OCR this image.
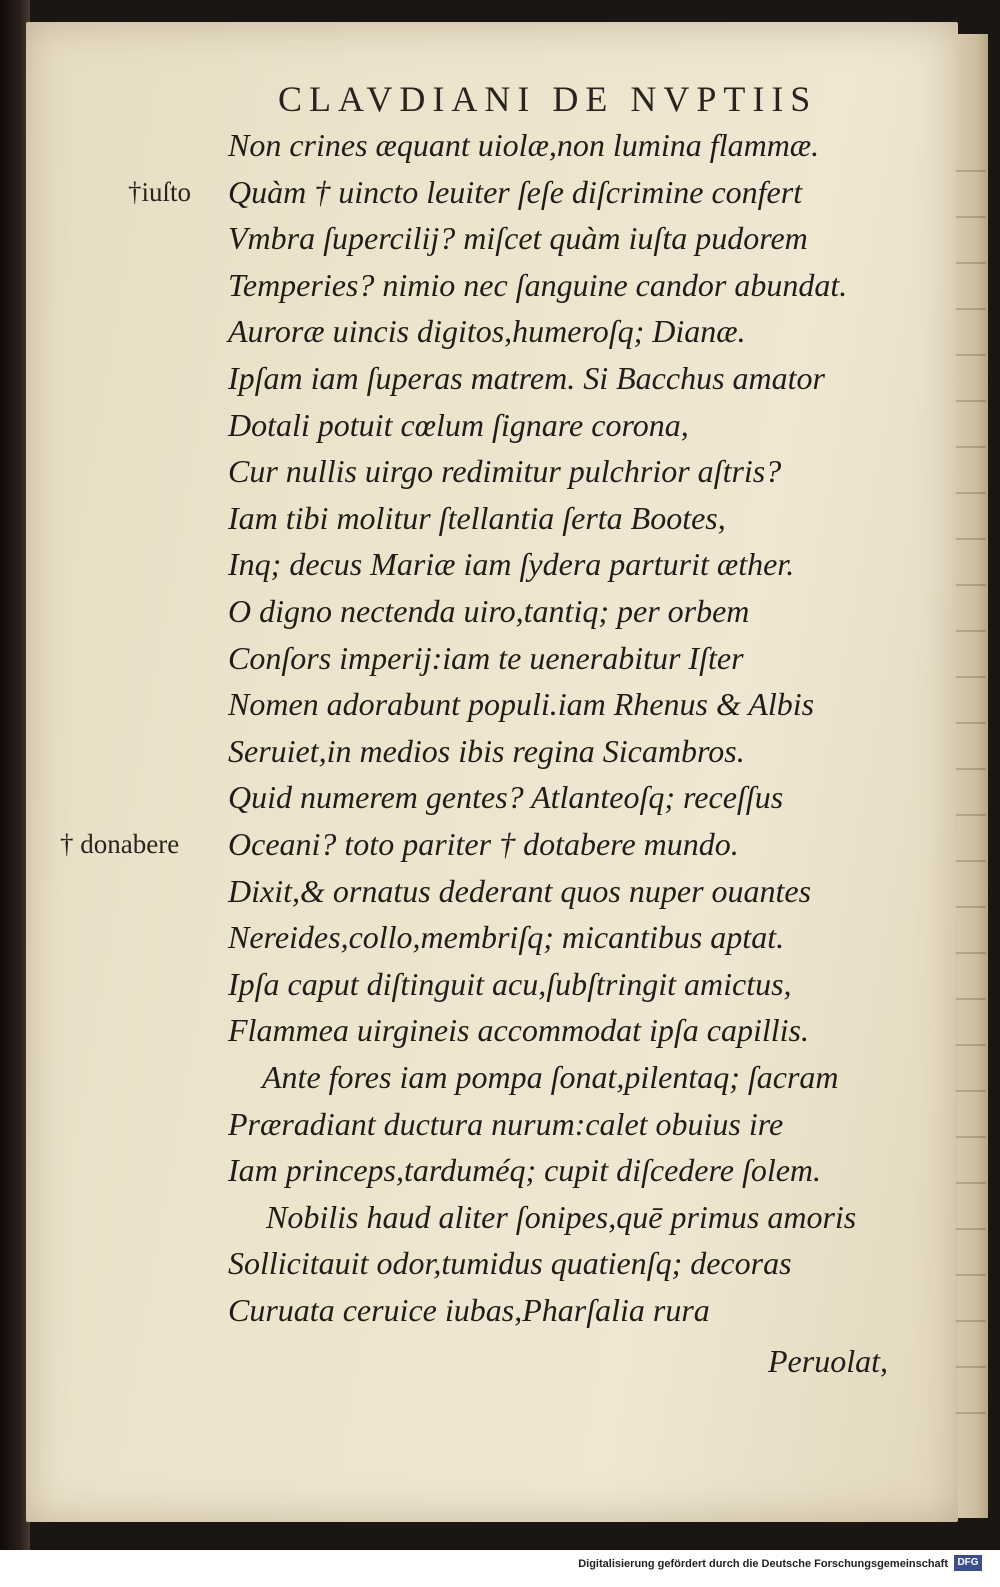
CLAVDIANI DE NVPTIIS
Non crines æquant uiolæ,non lumina flammæ.
Quàm † uincto leuiter ſeſe diſcrimine confert
†iuſto
Vmbra ſupercilij? miſcet quàm iuſta pudorem
Temperies? nimio nec ſanguine candor abundat.
Auroræ uincis digitos,humeroſq; Dianæ.
Ipſam iam ſuperas matrem. Si Bacchus amator
Dotali potuit cœlum ſignare corona,
Cur nullis uirgo redimitur pulchrior aſtris?
Iam tibi molitur ſtellantia ſerta Bootes,
Inq; decus Mariæ iam ſydera parturit æther.
O digno nectenda uiro,tantiq; per orbem
Conſors imperij:iam te uenerabitur Iſter
Nomen adorabunt populi.iam Rhenus & Albis
Seruiet,in medios ibis regina Sicambros.
Quid numerem gentes? Atlanteoſq; receſſus
Oceani? toto pariter † dotabere mundo.
† donabere
Dixit,& ornatus dederant quos nuper ouantes
Nereides,collo,membriſq; micantibus aptat.
Ipſa caput diſtinguit acu,ſubſtringit amictus,
Flammea uirgineis accommodat ipſa capillis.
Ante fores iam pompa ſonat,pilentaq; ſacram
Præradiant ductura nurum:calet obuius ire
Iam princeps,tarduméq; cupit diſcedere ſolem.
Nobilis haud aliter ſonipes,quē primus amoris
Sollicitauit odor,tumidus quatienſq; decoras
Curuata ceruice iubas,Pharſalia rura
Peruolat,
Digitalisierung gefördert durch die Deutsche Forschungsgemeinschaft DFG
